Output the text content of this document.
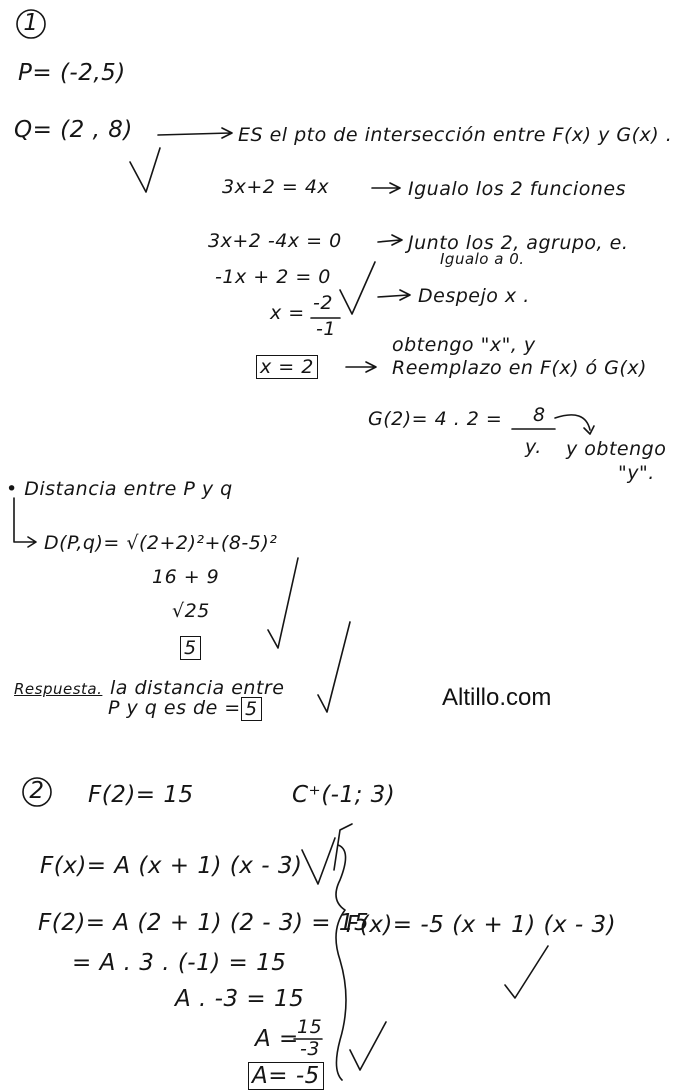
1
P= (-2,5)
Q= (2 , 8)	ES el pto de intersección entre F(x) y G(x) .
3x+2 = 4x	Igualo los 2 funciones
3x+2 -4x = 0	Junto los 2, agrupo, e.
Igualo a 0.
-1x + 2 = 0
x = -2
-1
Despejo x .
obtengo "x", y
x = 2	Reemplazo en F(x) ó G(x)
G(2)= 4 . 2 = 8
y. y obtengo
"y".
• Distancia entre P y q
D(P,q)= √(2+2)²+(8-5)²
16 + 9
√25
5
Respuesta. la distancia entre
P y q es de = 5	Altillo.com
2 F(2)= 15	C⁺(-1; 3)
F(x)= A (x + 1) (x - 3)
F(2)= A (2 + 1) (2 - 3) = 15
= A . 3 . (-1) = 15
A . -3 = 15
A =
15
-3
A= -5
F(x)= -5 (x + 1) (x - 3)
